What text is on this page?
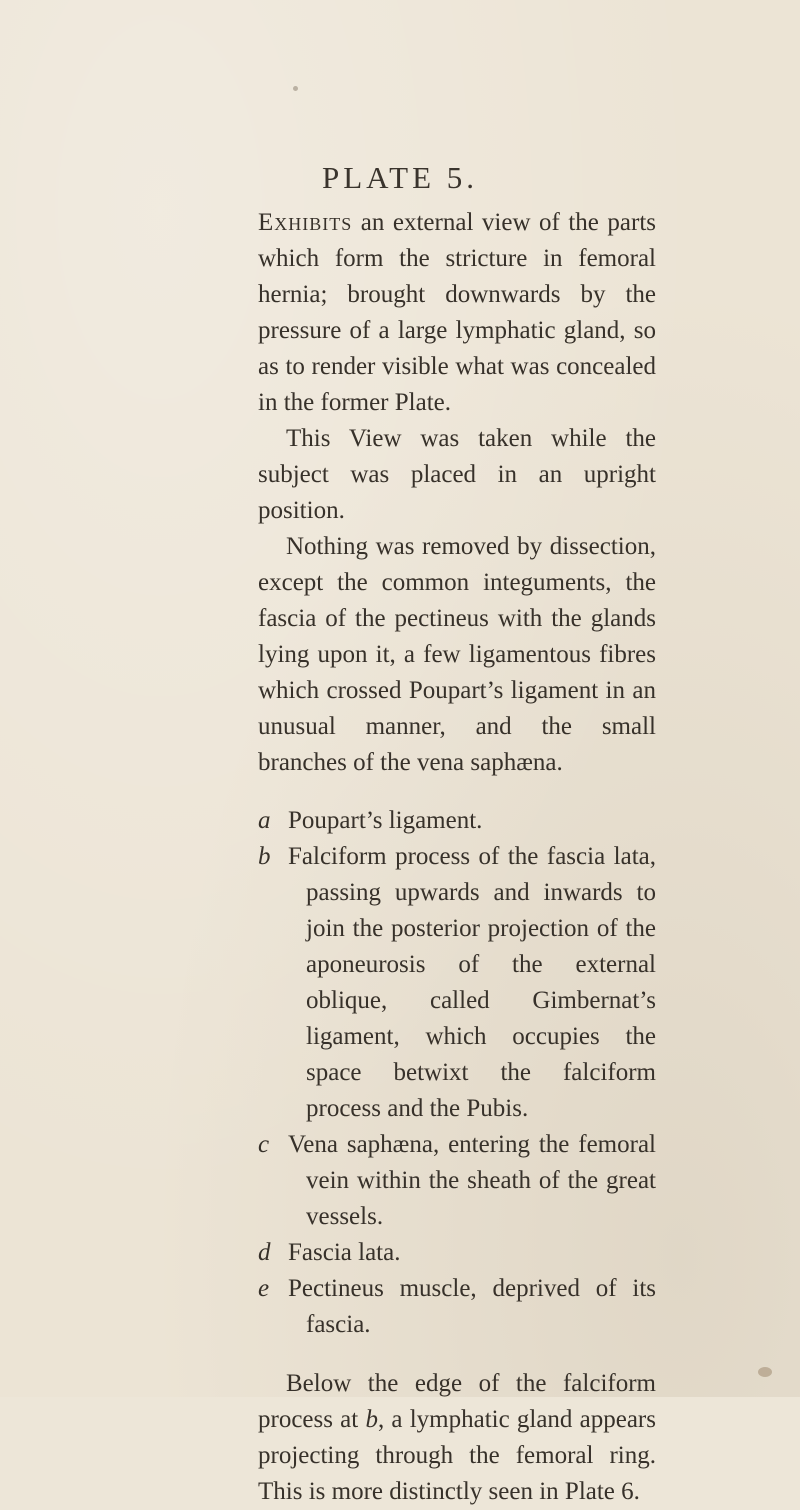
PLATE 5.

Exhibits an external view of the parts which form the stricture in femoral hernia; brought downwards by the pressure of a large lymphatic gland, so as to render visible what was concealed in the former Plate.

This View was taken while the subject was placed in an upright position.

Nothing was removed by dissection, except the common integuments, the fascia of the pectineus with the glands lying upon it, a few ligamentous fibres which crossed Poupart’s ligament in an unusual manner, and the small branches of the vena saphæna.

a Poupart’s ligament.
b Falciform process of the fascia lata, passing upwards and inwards to join the posterior projection of the aponeurosis of the external oblique, called Gimbernat’s ligament, which occupies the space betwixt the falciform process and the Pubis.
c Vena saphæna, entering the femoral vein within the sheath of the great vessels.
d Fascia lata.
e Pectineus muscle, deprived of its fascia.

Below the edge of the falciform process at b, a lymphatic gland appears projecting through the femoral ring. This is more distinctly seen in Plate 6.
